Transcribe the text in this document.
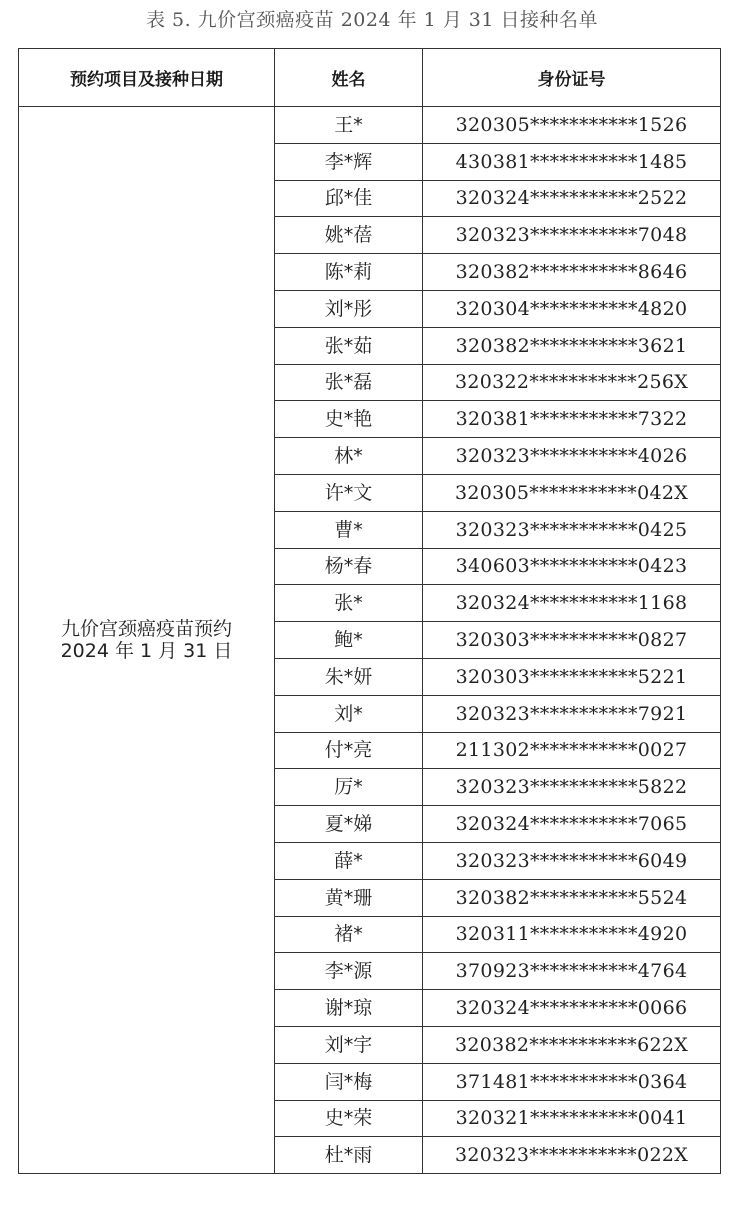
表 5. 九价宫颈癌疫苗 2024 年 1 月 31 日接种名单
预约项目及接种日期	姓名	身份证号

九价宫颈癌疫苗预约
2024 年 1 月 31 日	王*	320305***********1526
	李*辉	430381***********1485
	邱*佳	320324***********2522
	姚*蓓	320323***********7048
	陈*莉	320382***********8646
	刘*彤	320304***********4820
	张*茹	320382***********3621
	张*磊	320322***********256X
	史*艳	320381***********7322
	林*	320323***********4026
	许*文	320305***********042X
	曹*	320323***********0425
	杨*春	340603***********0423
	张*	320324***********1168
	鲍*	320303***********0827
	朱*妍	320303***********5221
	刘*	320323***********7921
	付*亮	211302***********0027
	厉*	320323***********5822
	夏*娣	320324***********7065
	薛*	320323***********6049
	黄*珊	320382***********5524
	褚*	320311***********4920
	李*源	370923***********4764
	谢*琼	320324***********0066
	刘*宇	320382***********622X
	闫*梅	371481***********0364
	史*荣	320321***********0041
	杜*雨	320323***********022X
